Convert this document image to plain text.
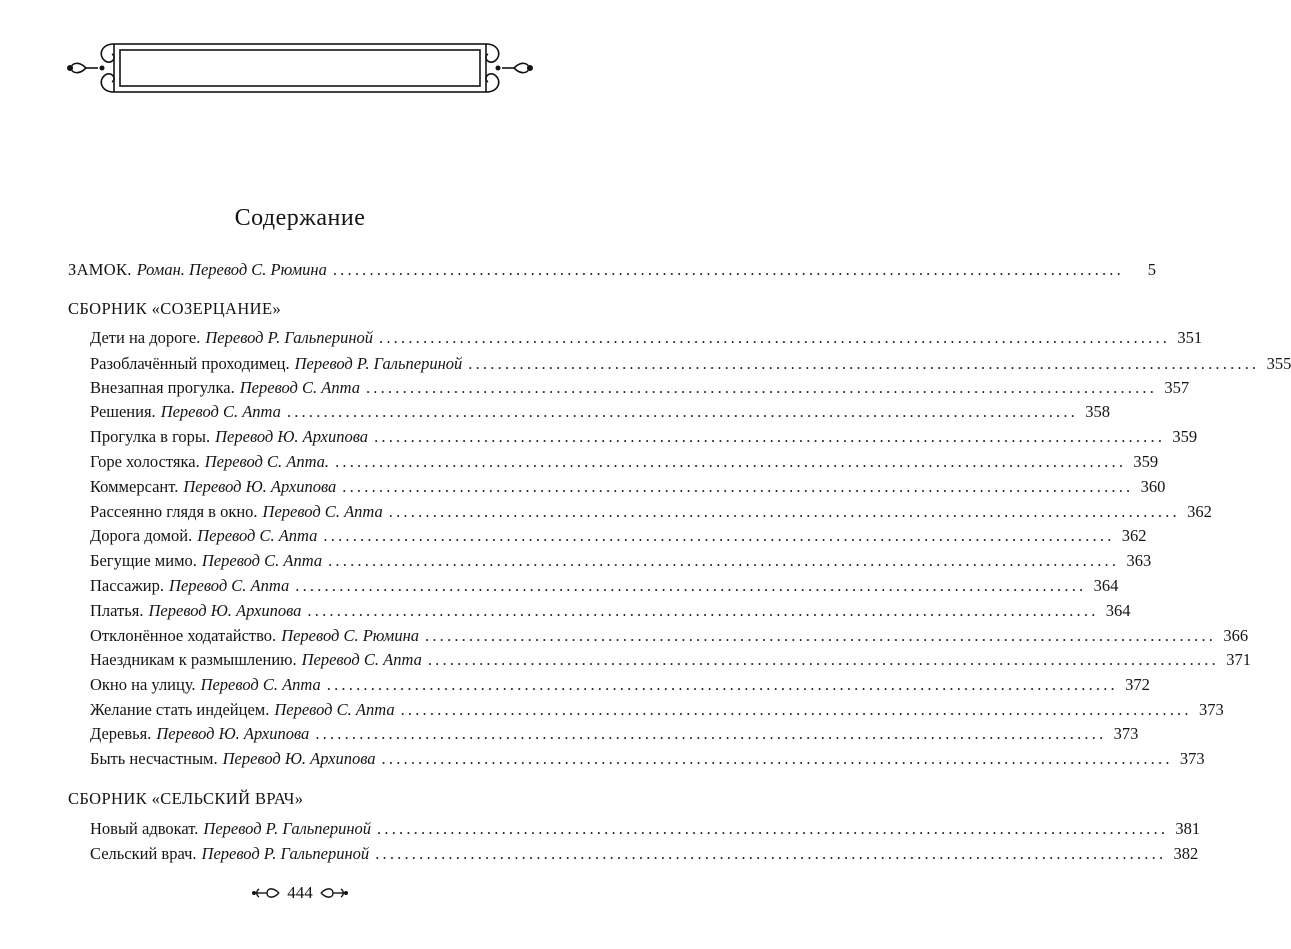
Содержание
ЗАМОК. Роман. Перевод С. Рюмина ............................................................................................................	5
СБОРНИК «СОЗЕРЦАНИЕ»
Дети на дороге. Перевод Р. Гальпериной ............................................................................................................ 351
Разоблачённый проходимец. Перевод Р. Гальпериной ............................................................................................................ 355
Внезапная прогулка. Перевод С. Апта ............................................................................................................ 357
Решения. Перевод С. Апта ............................................................................................................ 358
Прогулка в горы. Перевод Ю. Архипова ............................................................................................................ 359
Горе холостяка. Перевод С. Апта. ............................................................................................................ 359
Коммерсант. Перевод Ю. Архипова ............................................................................................................ 360
Рассеянно глядя в окно. Перевод С. Апта ............................................................................................................ 362
Дорога домой. Перевод С. Апта ............................................................................................................ 362
Бегущие мимо. Перевод С. Апта ............................................................................................................ 363
Пассажир. Перевод С. Апта ............................................................................................................ 364
Платья. Перевод Ю. Архипова ............................................................................................................ 364
Отклонённое ходатайство. Перевод С. Рюмина ............................................................................................................ 366
Наездникам к размышлению. Перевод С. Апта ............................................................................................................ 371
Окно на улицу. Перевод С. Апта ............................................................................................................ 372
Желание стать индейцем. Перевод С. Апта ............................................................................................................ 373
Деревья. Перевод Ю. Архипова ............................................................................................................ 373
Быть несчастным. Перевод Ю. Архипова ............................................................................................................ 373
СБОРНИК «СЕЛЬСКИЙ ВРАЧ»
Новый адвокат. Перевод Р. Гальпериной ............................................................................................................ 381
Сельский врач. Перевод Р. Гальпериной ............................................................................................................ 382
444
